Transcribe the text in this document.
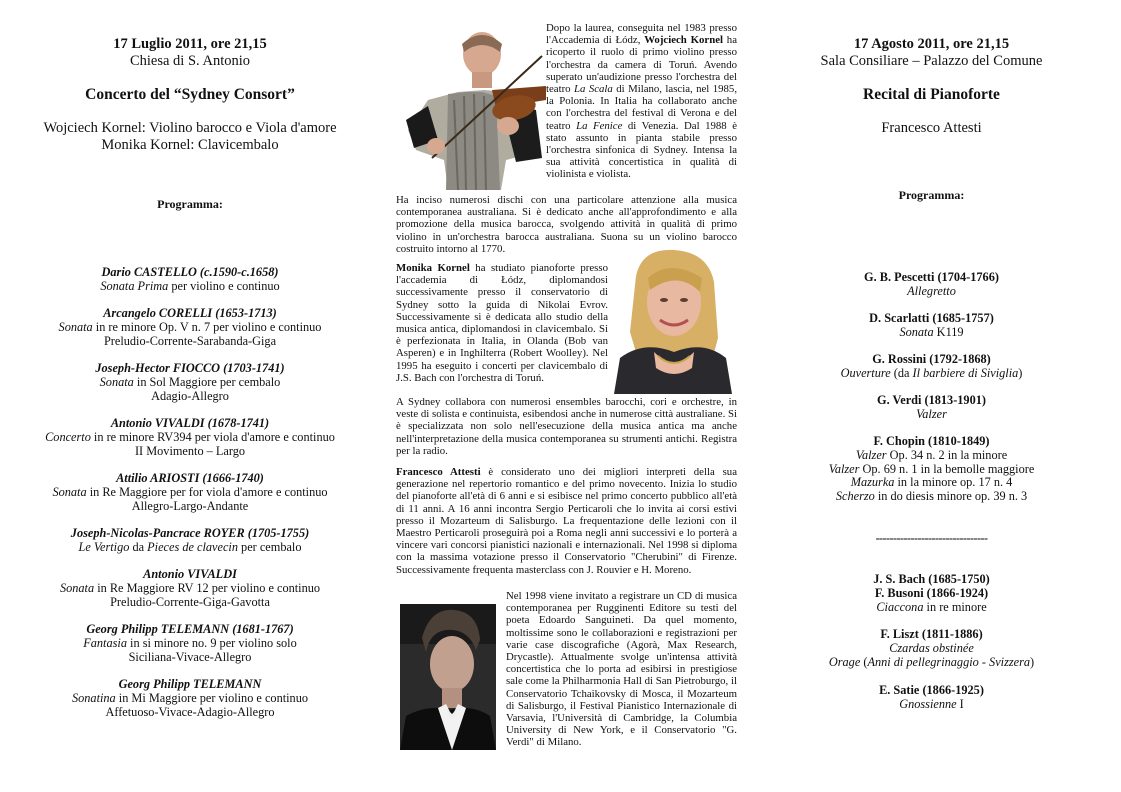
17 Luglio 2011, ore 21,15
Chiesa di S. Antonio
Concerto del “Sydney Consort”
Wojciech Kornel: Violino barocco e Viola d'amore
Monika Kornel: Clavicembalo
Programma:
Dario CASTELLO (c.1590-c.1658)
Sonata Prima per violino e continuo
Arcangelo CORELLI (1653-1713)
Sonata in re minore Op. V n. 7 per violino e continuo
Preludio-Corrente-Sarabanda-Giga
Joseph-Hector FIOCCO (1703-1741)
Sonata in Sol Maggiore per cembalo
Adagio-Allegro
Antonio VIVALDI (1678-1741)
Concerto in re minore RV394 per viola d'amore e continuo
II Movimento – Largo
Attilio ARIOSTI (1666-1740)
Sonata in Re Maggiore per for viola d'amore e continuo
Allegro-Largo-Andante
Joseph-Nicolas-Pancrace ROYER (1705-1755)
Le Vertigo da Pieces de clavecin per cembalo
Antonio VIVALDI
Sonata in Re Maggiore RV 12 per violino e continuo
Preludio-Corrente-Giga-Gavotta
Georg Philipp TELEMANN (1681-1767)
Fantasia in si minore no. 9 per violino solo
Siciliana-Vivace-Allegro
Georg Philipp TELEMANN
Sonatina in Mi Maggiore per violino e continuo
Affetuoso-Vivace-Adagio-Allegro

Dopo la laurea, conseguita nel 1983 presso l'Accademia di Łódz, Wojciech Kornel ha ricoperto il ruolo di primo violino presso l'orchestra da camera di Toruń. Avendo superato un'audizione presso l'orchestra del teatro La Scala di Milano, lascia, nel 1985, la Polonia. In Italia ha collaborato anche con l'orchestra del festival di Verona e del teatro La Fenice di Venezia. Dal 1988 è stato assunto in pianta stabile presso l'orchestra sinfonica di Sydney. Intensa la sua attività concertistica in qualità di violinista e violista.

Ha inciso numerosi dischi con una particolare attenzione alla musica contemporanea australiana. Si è dedicato anche all'approfondimento e alla promozione della musica barocca, svolgendo attività in qualità di primo violino in un'orchestra barocca australiana. Suona su un violino barocco costruito intorno al 1770.

Monika Kornel ha studiato pianoforte presso l'accademia di Łódz, diplomandosi successivamente presso il conservatorio di Sydney sotto la guida di Nikolai Evrov. Successivamente si è dedicata allo studio della musica antica, diplomandosi in clavicembalo. Si è perfezionata in Italia, in Olanda (Bob van Asperen) e in Inghilterra (Robert Woolley). Nel 1995 ha eseguito i concerti per clavicembalo di J.S. Bach con l'orchestra di Toruń.

A Sydney collabora con numerosi ensembles barocchi, cori e orchestre, in veste di solista e continuista, esibendosi anche in numerose città australiane. Si è specializzata non solo nell'esecuzione della musica antica ma anche nell'interpretazione della musica contemporanea su strumenti antichi. Registra per la radio.

Francesco Attesti è considerato uno dei migliori interpreti della sua generazione nel repertorio romantico e del primo novecento. Inizia lo studio del pianoforte all'età di 6 anni e si esibisce nel primo concerto pubblico all'età di 11 anni. A 16 anni incontra Sergio Perticaroli che lo invita ai corsi estivi presso il Mozarteum di Salisburgo. La frequentazione delle lezioni con il Maestro Perticaroli proseguirà poi a Roma negli anni successivi e lo porterà a vincere vari concorsi pianistici nazionali e internazionali. Nel 1998 si diploma con la massima votazione presso il Conservatorio "Cherubini" di Firenze. Successivamente frequenta masterclass con J. Rouvier e H. Moreno.

Nel 1998 viene invitato a registrare un CD di musica contemporanea per Rugginenti Editore su testi del poeta Edoardo Sanguineti. Da quel momento, moltissime sono le collaborazioni e registrazioni per varie case discografiche (Agorà, Max Research, Drycastle). Attualmente svolge un'intensa attività concertistica che lo porta ad esibirsi in prestigiose sale come la Philharmonia Hall di San Pietroburgo, il Conservatorio Tchaikovsky di Mosca, il Mozarteum di Salisburgo, il Festival Pianistico Internazionale di Varsavia, l'Università di Cambridge, la Columbia University di New York, e il Conservatorio "G. Verdi" di Milano.

17 Agosto 2011, ore 21,15
Sala Consiliare – Palazzo del Comune
Recital di Pianoforte
Francesco Attesti
Programma:
G. B. Pescetti (1704-1766)
Allegretto
D. Scarlatti (1685-1757)
Sonata K119
G. Rossini (1792-1868)
Ouverture (da Il barbiere di Siviglia)
G. Verdi (1813-1901)
Valzer
F. Chopin (1810-1849)
Valzer Op. 34 n. 2 in la minore
Valzer Op. 69 n. 1 in la bemolle maggiore
Mazurka in la minore op. 17 n. 4
Scherzo in do diesis minore op. 39 n. 3
--------------------------------
J. S. Bach (1685-1750)
F. Busoni (1866-1924)
Ciaccona in re minore
F. Liszt (1811-1886)
Czardas obstinée
Orage (Anni di pellegrinaggio - Svizzera)
E. Satie (1866-1925)
Gnossienne I
